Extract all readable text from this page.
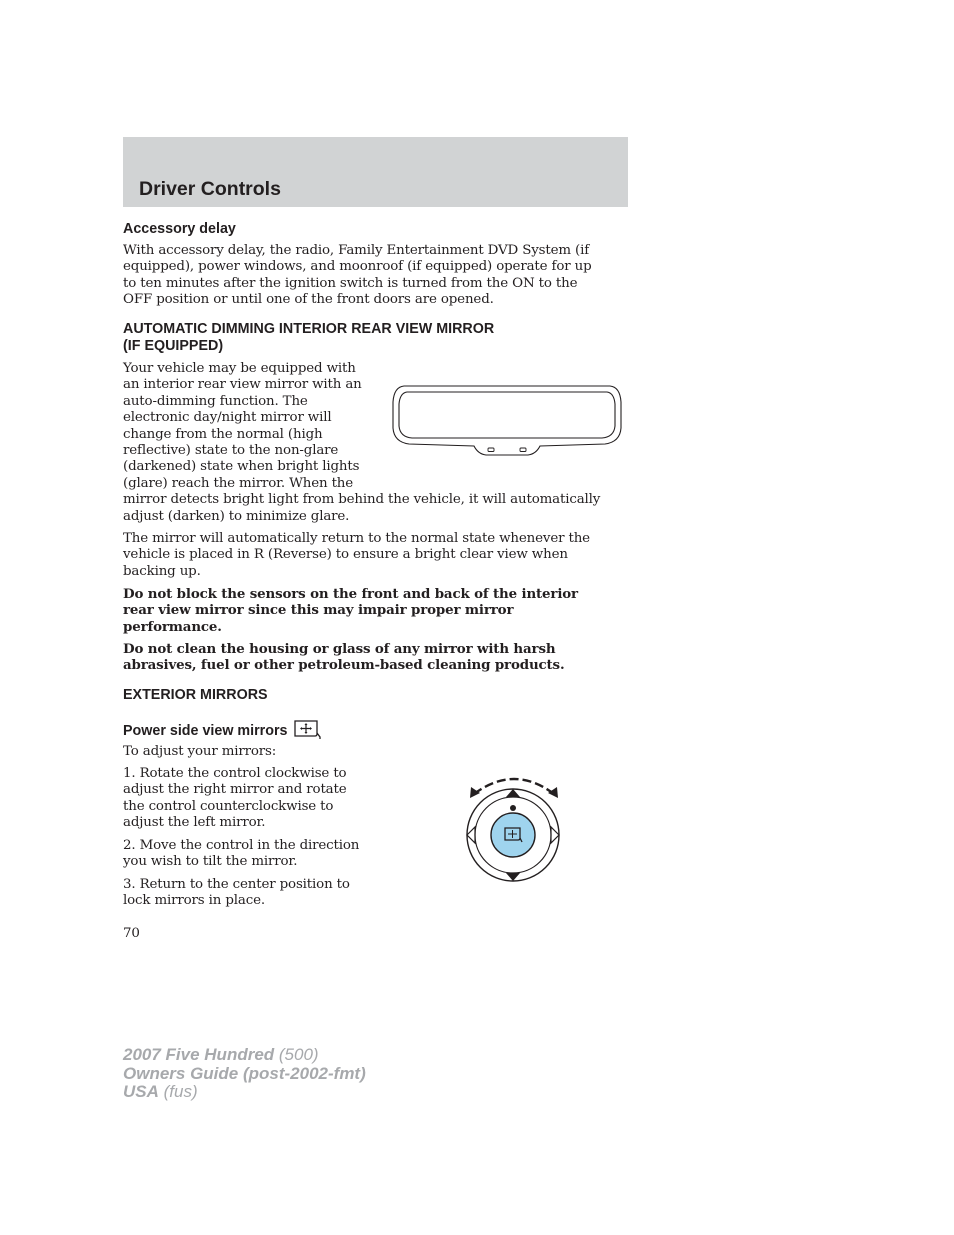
Driver Controls
Accessory delay
With accessory delay, the radio, Family Entertainment DVD System (if
equipped), power windows, and moonroof (if equipped) operate for up
to ten minutes after the ignition switch is turned from the ON to the
OFF position or until one of the front doors are opened.
AUTOMATIC DIMMING INTERIOR REAR VIEW MIRROR
(IF EQUIPPED)
Your vehicle may be equipped with
an interior rear view mirror with an
auto-dimming function. The
electronic day/night mirror will
change from the normal (high
reflective) state to the non-glare
(darkened) state when bright lights
(glare) reach the mirror. When the
mirror detects bright light from behind the vehicle, it will automatically
adjust (darken) to minimize glare.
The mirror will automatically return to the normal state whenever the
vehicle is placed in R (Reverse) to ensure a bright clear view when
backing up.
Do not block the sensors on the front and back of the interior
rear view mirror since this may impair proper mirror
performance.
Do not clean the housing or glass of any mirror with harsh
abrasives, fuel or other petroleum-based cleaning products.
EXTERIOR MIRRORS
Power side view mirrors
To adjust your mirrors:
1. Rotate the control clockwise to
adjust the right mirror and rotate
the control counterclockwise to
adjust the left mirror.
2. Move the control in the direction
you wish to tilt the mirror.
3. Return to the center position to
lock mirrors in place.
70
2007 Five Hundred (500)
Owners Guide (post-2002-fmt)
USA (fus)
